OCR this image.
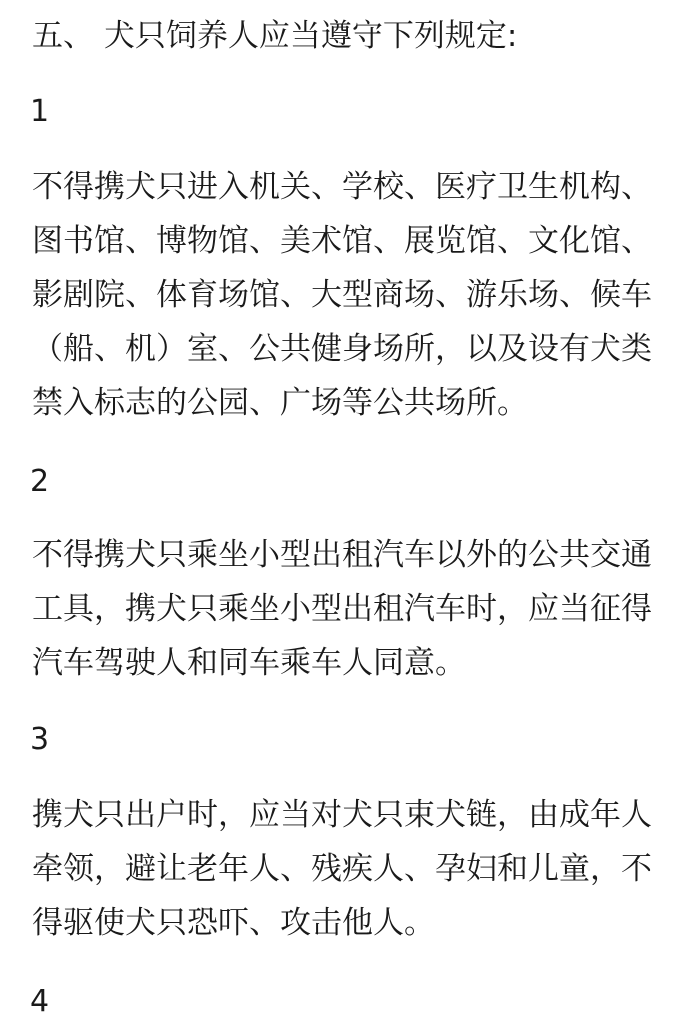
五、 犬只饲养人应当遵守下列规定:
1
不得携犬只进入机关、学校、医疗卫生机构、
图书馆、博物馆、美术馆、展览馆、文化馆、
影剧院、体育场馆、大型商场、游乐场、候车
（船、机）室、公共健身场所，以及设有犬类
禁入标志的公园、广场等公共场所。
2
不得携犬只乘坐小型出租汽车以外的公共交通
工具，携犬只乘坐小型出租汽车时，应当征得
汽车驾驶人和同车乘车人同意。
3
携犬只出户时，应当对犬只束犬链，由成年人
牵领，避让老年人、残疾人、孕妇和儿童，不
得驱使犬只恐吓、攻击他人。
4
